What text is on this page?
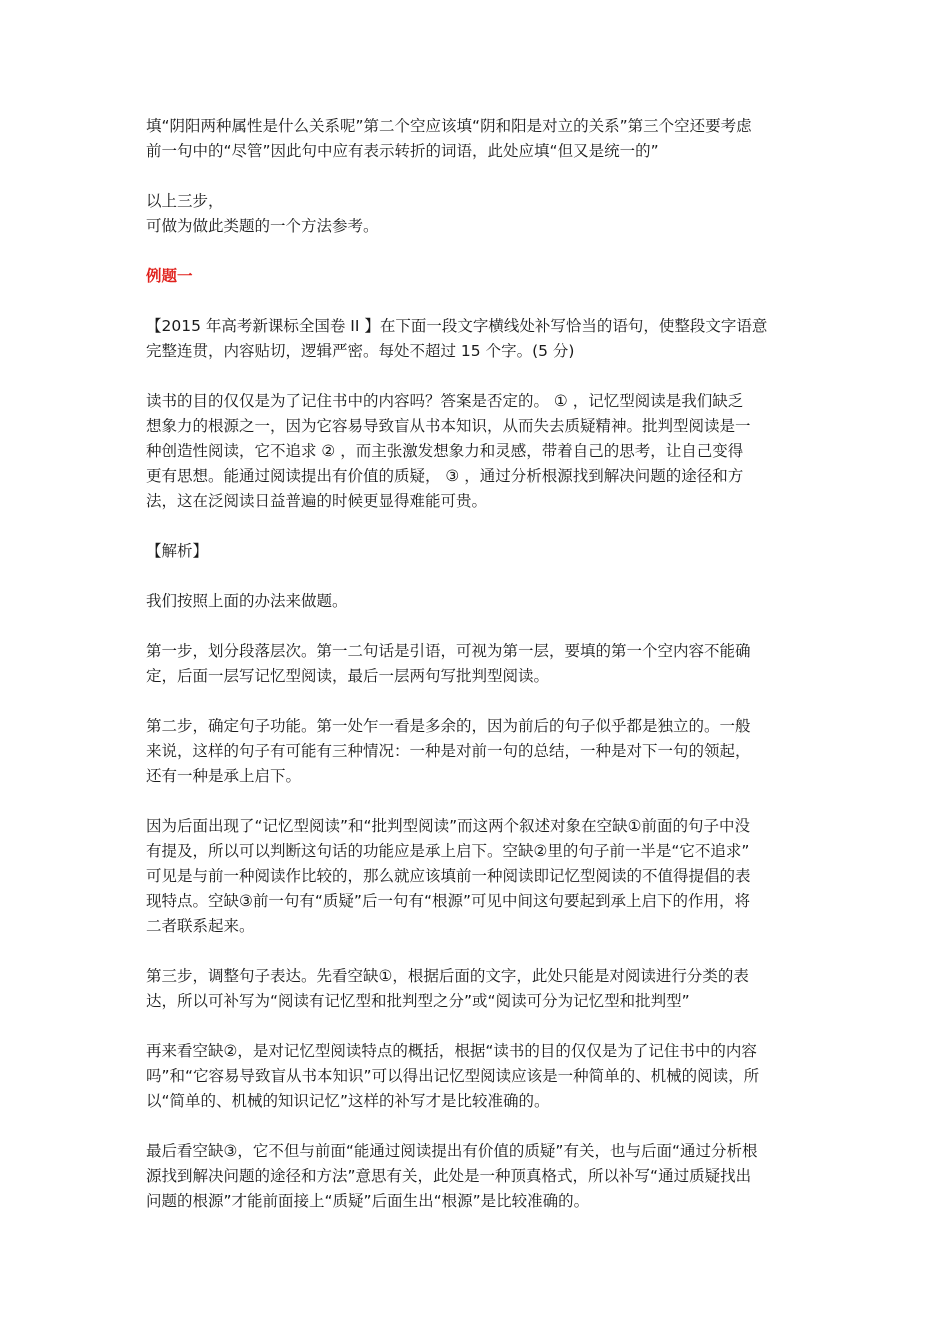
填“阴阳两种属性是什么关系呢”第二个空应该填“阴和阳是对立的关系”第三个空还要考虑
前一句中的“尽管”因此句中应有表示转折的词语，此处应填“但又是统一的”

以上三步，
可做为做此类题的一个方法参考。

例题一

【2015 年高考新课标全国卷 II 】在下面一段文字横线处补写恰当的语句，使整段文字语意
完整连贯，内容贴切，逻辑严密。每处不超过 15 个字。(5 分)

读书的目的仅仅是为了记住书中的内容吗？答案是否定的。 ① ，记忆型阅读是我们缺乏
想象力的根源之一，因为它容易导致盲从书本知识，从而失去质疑精神。批判型阅读是一
种创造性阅读，它不追求 ② ，而主张激发想象力和灵感，带着自己的思考，让自己变得
更有思想。能通过阅读提出有价值的质疑， ③ ，通过分析根源找到解决问题的途径和方
法，这在泛阅读日益普遍的时候更显得难能可贵。

【解析】

我们按照上面的办法来做题。

第一步，划分段落层次。第一二句话是引语，可视为第一层，要填的第一个空内容不能确
定，后面一层写记忆型阅读，最后一层两句写批判型阅读。

第二步，确定句子功能。第一处乍一看是多余的，因为前后的句子似乎都是独立的。一般
来说，这样的句子有可能有三种情况：一种是对前一句的总结，一种是对下一句的领起，
还有一种是承上启下。

因为后面出现了“记忆型阅读”和“批判型阅读”而这两个叙述对象在空缺①前面的句子中没
有提及，所以可以判断这句话的功能应是承上启下。空缺②里的句子前一半是“它不追求”
可见是与前一种阅读作比较的，那么就应该填前一种阅读即记忆型阅读的不值得提倡的表
现特点。空缺③前一句有“质疑”后一句有“根源”可见中间这句要起到承上启下的作用，将
二者联系起来。

第三步，调整句子表达。先看空缺①，根据后面的文字，此处只能是对阅读进行分类的表
达，所以可补写为“阅读有记忆型和批判型之分”或“阅读可分为记忆型和批判型”

再来看空缺②，是对记忆型阅读特点的概括，根据“读书的目的仅仅是为了记住书中的内容
吗”和“它容易导致盲从书本知识”可以得出记忆型阅读应该是一种简单的、机械的阅读，所
以“简单的、机械的知识记忆”这样的补写才是比较准确的。

最后看空缺③，它不但与前面“能通过阅读提出有价值的质疑”有关，也与后面“通过分析根
源找到解决问题的途径和方法”意思有关，此处是一种顶真格式，所以补写“通过质疑找出
问题的根源”才能前面接上“质疑”后面生出“根源”是比较准确的。
